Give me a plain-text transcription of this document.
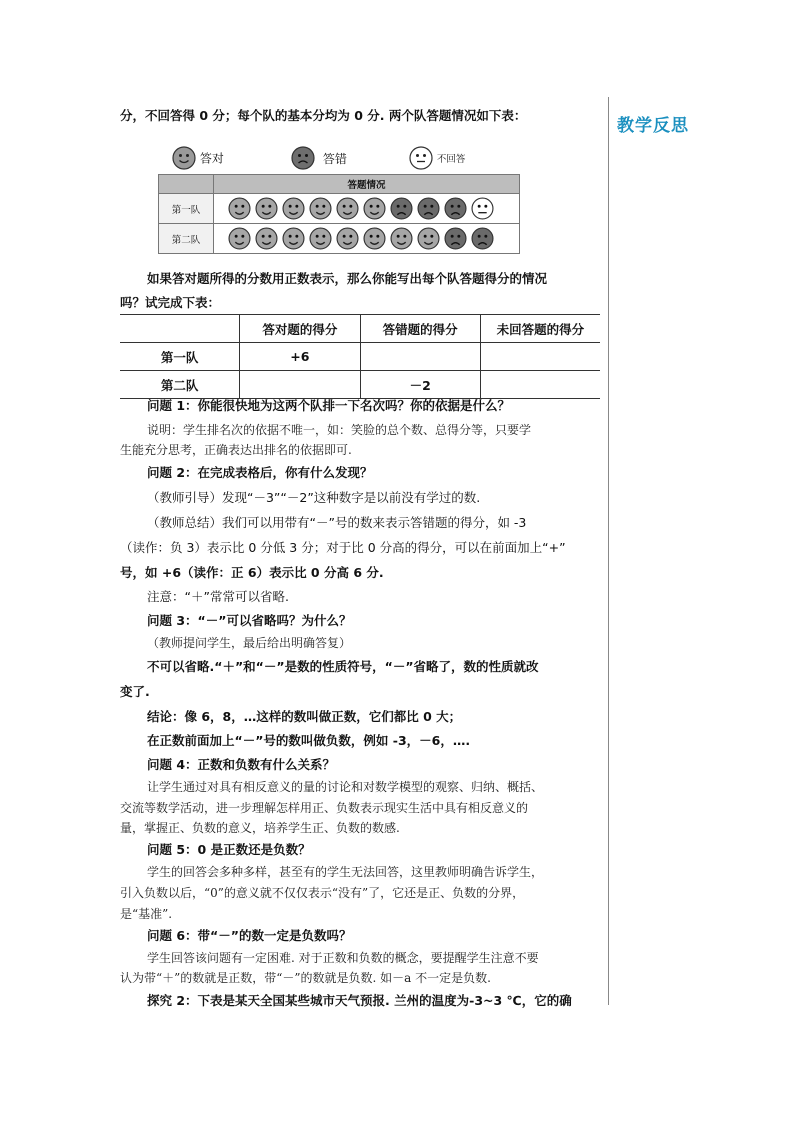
教学反思
分，不回答得 0 分；每个队的基本分均为 0 分. 两个队答题情况如下表：
答对	答错	不回答
	答题情况
第一队	

第二队	
如果答对题所得的分数用正数表示，那么你能写出每个队答题得分的情况
吗？试完成下表：
	答对题的得分	答错题的得分	未回答题的得分
第一队	+6		
第二队		－2	
问题 1：你能很快地为这两个队排一下名次吗？你的依据是什么？
说明：学生排名次的依据不唯一，如：笑脸的总个数、总得分等，只要学
生能充分思考，正确表达出排名的依据即可.
问题 2：在完成表格后，你有什么发现？
（教师引导）发现“－3”“－2”这种数字是以前没有学过的数.
（教师总结）我们可以用带有“－”号的数来表示答错题的得分，如 -3
（读作：负 3）表示比 0 分低 3 分；对于比 0 分高的得分，可以在前面加上“+”
号，如 +6（读作：正 6）表示比 0 分高 6 分.
注意：“＋”常常可以省略.
问题 3：“－”可以省略吗？为什么？
（教师提问学生，最后给出明确答复）
不可以省略.“＋”和“－”是数的性质符号，“－”省略了，数的性质就改
变了.
结论：像 6，8，…这样的数叫做正数，它们都比 0 大；
在正数前面加上“－”号的数叫做负数，例如 -3，－6，….
问题 4：正数和负数有什么关系？
让学生通过对具有相反意义的量的讨论和对数学模型的观察、归纳、概括、
交流等数学活动，进一步理解怎样用正、负数表示现实生活中具有相反意义的
量，掌握正、负数的意义，培养学生正、负数的数感.
问题 5：0 是正数还是负数？
学生的回答会多种多样，甚至有的学生无法回答，这里教师明确告诉学生，
引入负数以后，“0”的意义就不仅仅表示“没有”了，它还是正、负数的分界，
是“基准”.
问题 6：带“－”的数一定是负数吗？
学生回答该问题有一定困难. 对于正数和负数的概念，要提醒学生注意不要
认为带“＋”的数就是正数，带“－”的数就是负数. 如－a 不一定是负数.
探究 2：下表是某天全国某些城市天气预报. 兰州的温度为-3~3 ℃，它的确
